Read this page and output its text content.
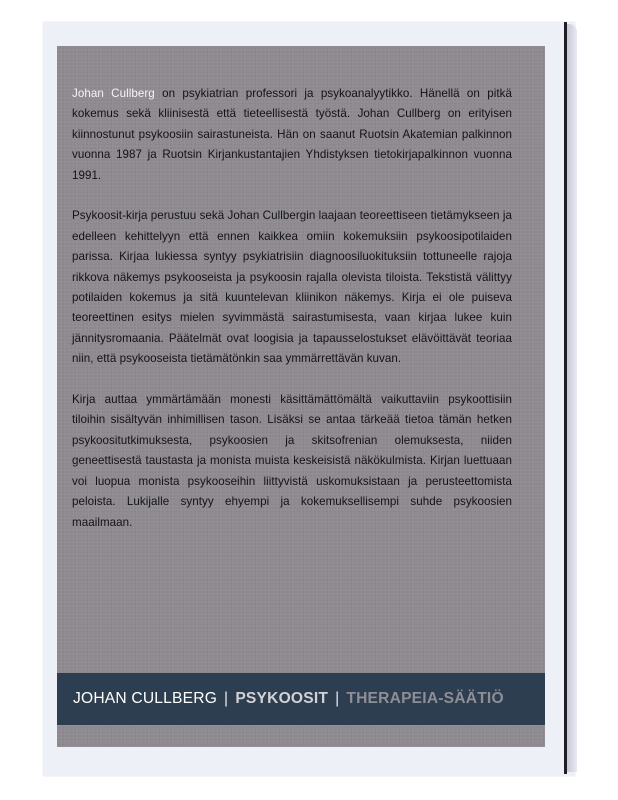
Johan Cullberg on psykiatrian professori ja psykoanalyytikko. Hänellä on pitkä kokemus sekä kliinisestä että tieteellisestä työstä. Johan Cullberg on erityisen kiinnostunut psykoosiin sairastuneista. Hän on saanut Ruotsin Akatemian palkinnon vuonna 1987 ja Ruotsin Kirjankustantajien Yhdistyksen tietokirjapalkinnon vuonna 1991.

Psykoosit-kirja perustuu sekä Johan Cullbergin laajaan teoreettiseen tietämykseen ja edelleen kehittelyyn että ennen kaikkea omiin kokemuksiin psykoosipotilaiden parissa. Kirjaa lukiessa syntyy psykiatrisiin diagnoosiluokituksiin tottuneelle rajoja rikkova näkemys psykooseista ja psykoosin rajalla olevista tiloista. Tekstistä välittyy potilaiden kokemus ja sitä kuuntelevan kliinikon näkemys. Kirja ei ole puiseva teoreettinen esitys mielen syvimmästä sairastumisesta, vaan kirjaa lukee kuin jännitysromaania. Päätelmät ovat loogisia ja tapausselostukset elävöittävät teoriaa niin, että psykooseista tietämätönkin saa ymmärrettävän kuvan.

Kirja auttaa ymmärtämään monesti käsittämättömältä vaikuttaviin psykoottisiin tiloihin sisältyvän inhimillisen tason. Lisäksi se antaa tärkeää tietoa tämän hetken psykoositutkimuksesta, psykoosien ja skitsofrenian olemuksesta, niiden geneettisestä taustasta ja monista muista keskeisistä näkökulmista. Kirjan luettuaan voi luopua monista psykooseihin liittyvistä uskomuksistaan ja perusteettomista peloista. Lukijalle syntyy ehyempi ja kokemuksellisempi suhde psykoosien maailmaan.

JOHAN CULLBERG | PSYKOOSIT | THERAPEIA-SÄÄTIÖ
